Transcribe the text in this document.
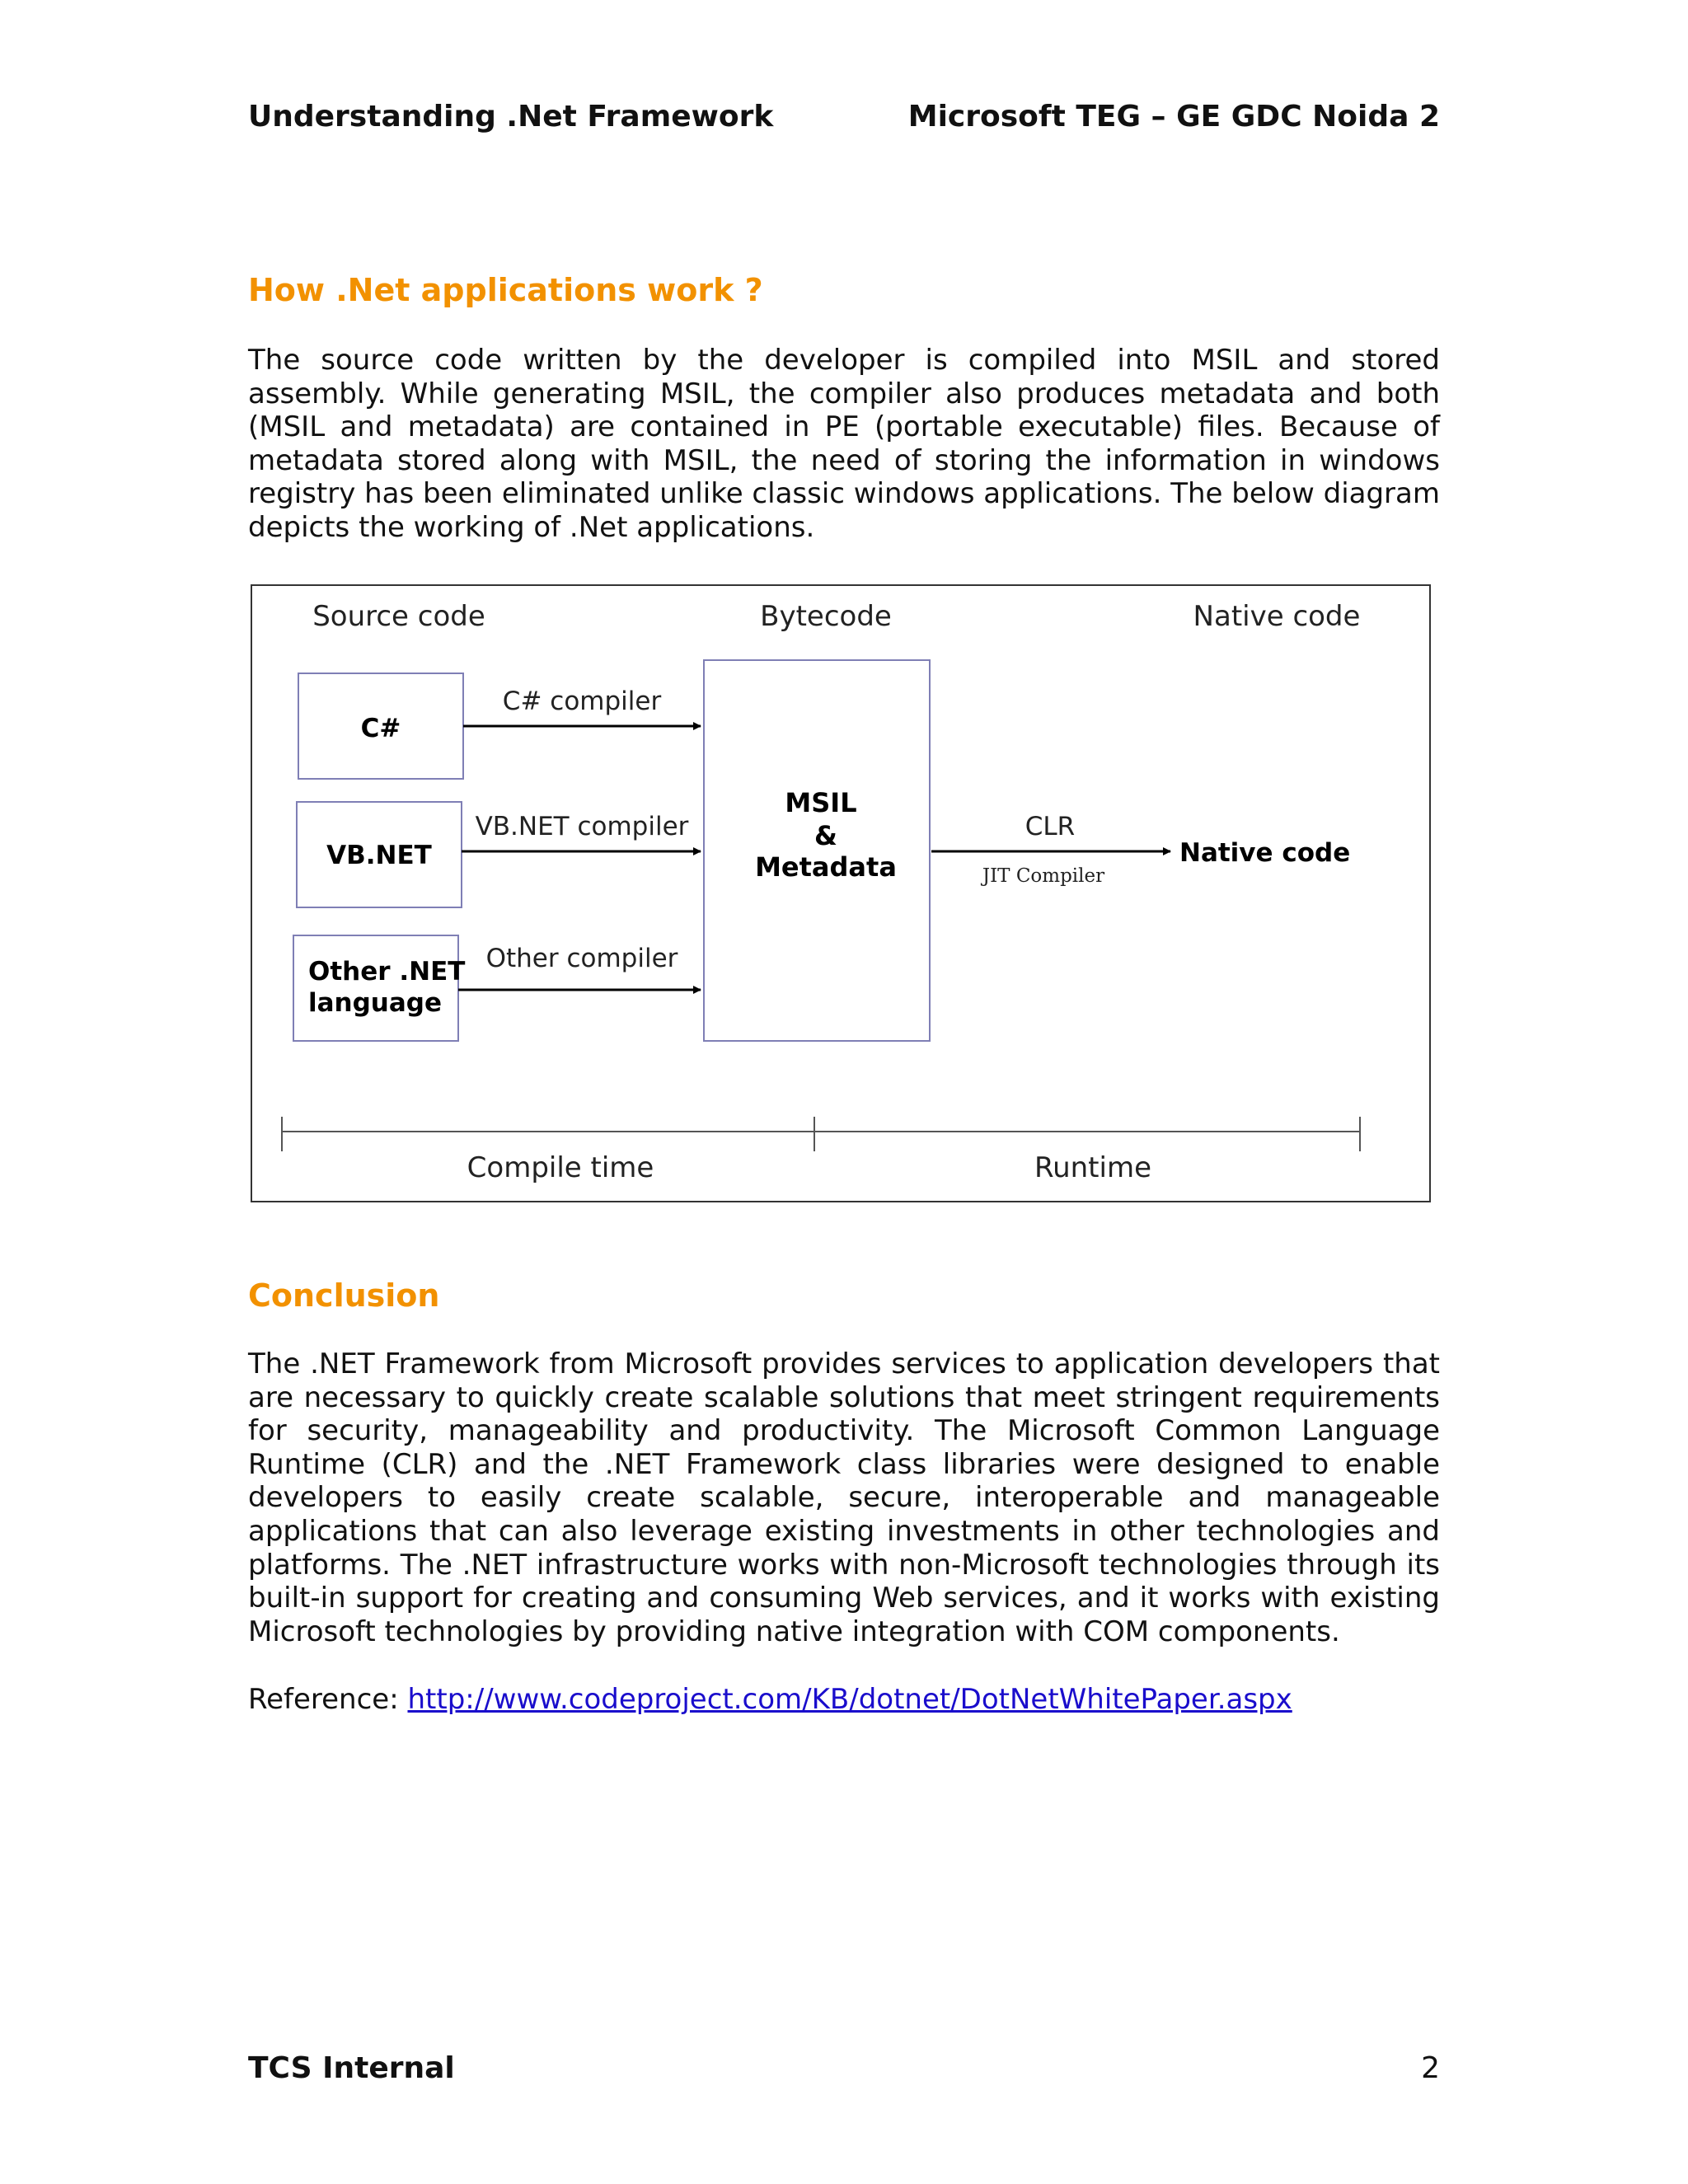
Understanding .Net Framework	Microsoft TEG – GE GDC Noida 2
How .Net applications work ?

The source code written by the developer is compiled into MSIL and stored assembly. While generating MSIL, the compiler also produces metadata and both (MSIL and metadata) are contained in PE (portable executable) files. Because of metadata stored along with MSIL, the need of storing the information in windows registry has been eliminated unlike classic windows applications. The below diagram depicts the working of .Net applications.

Source code	Bytecode	Native code
C#
VB.NET
Other .NET
language
C# compiler
VB.NET compiler
Other compiler
MSIL
&
Metadata
CLR
JIT Compiler
Native code
Compile time	Runtime
Conclusion

The .NET Framework from Microsoft provides services to application developers that are necessary to quickly create scalable solutions that meet stringent requirements for security, manageability and productivity. The Microsoft Common Language Runtime (CLR) and the .NET Framework class libraries were designed to enable developers to easily create scalable, secure, interoperable and manageable applications that can also leverage existing investments in other technologies and platforms. The .NET infrastructure works with non-Microsoft technologies through its built-in support for creating and consuming Web services, and it works with existing Microsoft technologies by providing native integration with COM components.

Reference: http://www.codeproject.com/KB/dotnet/DotNetWhitePaper.aspx
TCS Internal	2
